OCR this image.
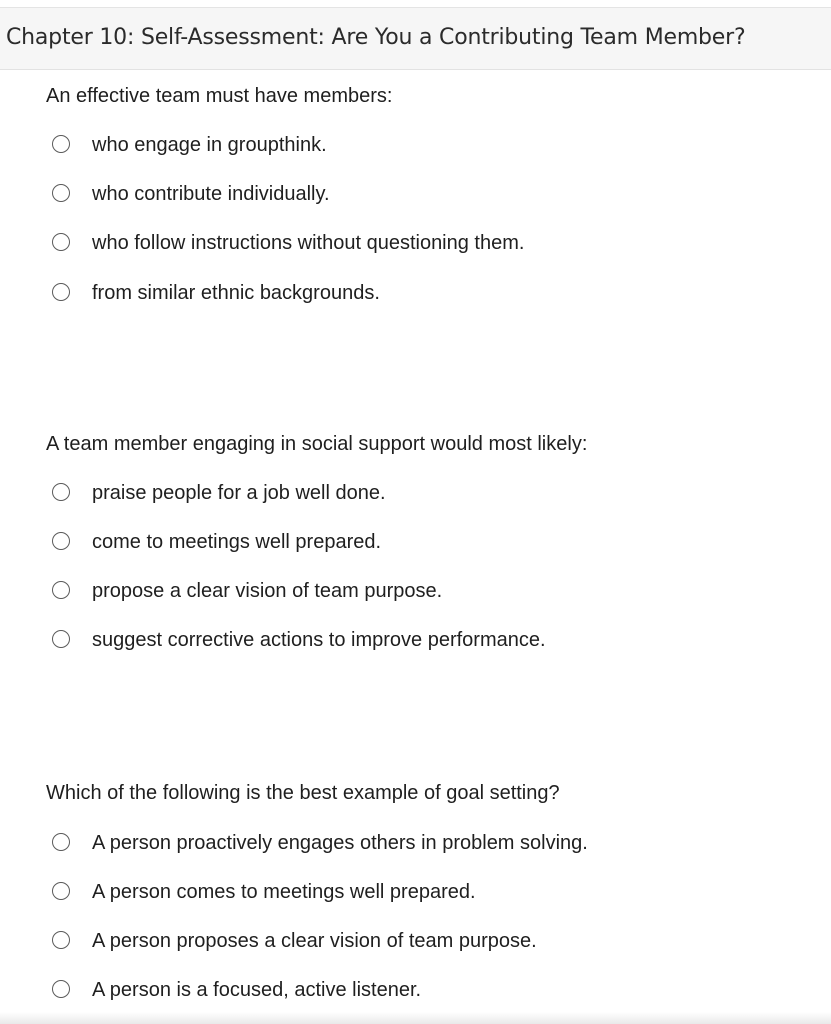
Chapter 10: Self-Assessment: Are You a Contributing Team Member?
An effective team must have members:
who engage in groupthink.
who contribute individually.
who follow instructions without questioning them.
from similar ethnic backgrounds.
A team member engaging in social support would most likely:
praise people for a job well done.
come to meetings well prepared.
propose a clear vision of team purpose.
suggest corrective actions to improve performance.
Which of the following is the best example of goal setting?
A person proactively engages others in problem solving.
A person comes to meetings well prepared.
A person proposes a clear vision of team purpose.
A person is a focused, active listener.
